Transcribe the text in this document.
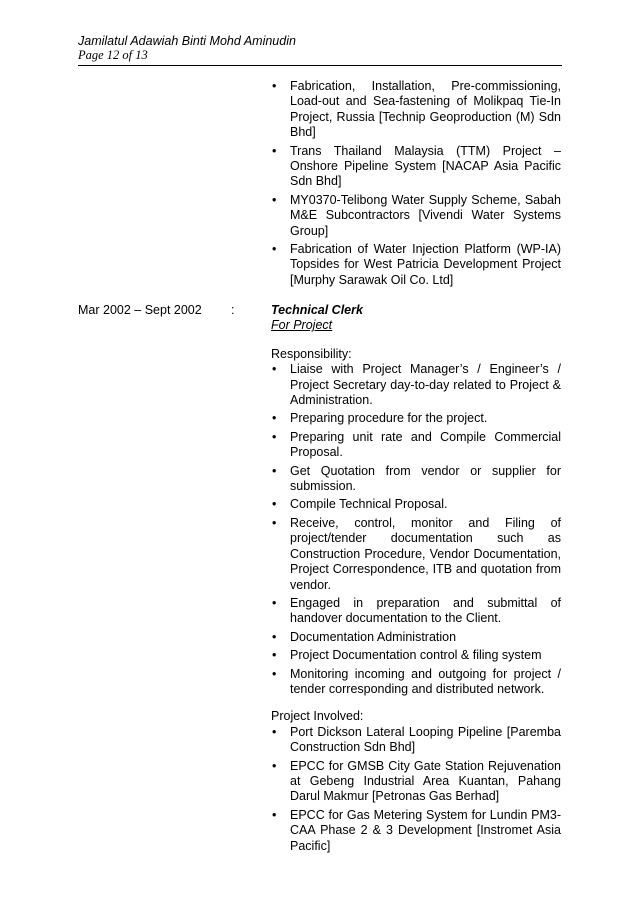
Jamilatul Adawiah Binti Mohd Aminudin
Page 12 of 13
• Fabrication, Installation, Pre-commissioning, Load-out and Sea-fastening of Molikpaq Tie-In Project, Russia [Technip Geoproduction (M) Sdn Bhd]
• Trans Thailand Malaysia (TTM) Project – Onshore Pipeline System [NACAP Asia Pacific Sdn Bhd]
• MY0370-Telibong Water Supply Scheme, Sabah M&E Subcontractors [Vivendi Water Systems Group]
• Fabrication of Water Injection Platform (WP-IA) Topsides for West Patricia Development Project [Murphy Sarawak Oil Co. Ltd]
Mar 2002 – Sept 2002 :	Technical Clerk
For Project
Responsibility:
• Liaise with Project Manager’s / Engineer’s / Project Secretary day-to-day related to Project & Administration.
• Preparing procedure for the project.
• Preparing unit rate and Compile Commercial Proposal.
• Get Quotation from vendor or supplier for submission.
• Compile Technical Proposal.
• Receive, control, monitor and Filing of project/tender documentation such as Construction Procedure, Vendor Documentation, Project Correspondence, ITB and quotation from vendor.
• Engaged in preparation and submittal of handover documentation to the Client.
• Documentation Administration
• Project Documentation control & filing system
• Monitoring incoming and outgoing for project / tender corresponding and distributed network.
Project Involved:
• Port Dickson Lateral Looping Pipeline [Paremba Construction Sdn Bhd]
• EPCC for GMSB City Gate Station Rejuvenation at Gebeng Industrial Area Kuantan, Pahang Darul Makmur [Petronas Gas Berhad]
• EPCC for Gas Metering System for Lundin PM3-CAA Phase 2 & 3 Development [Instromet Asia Pacific]
